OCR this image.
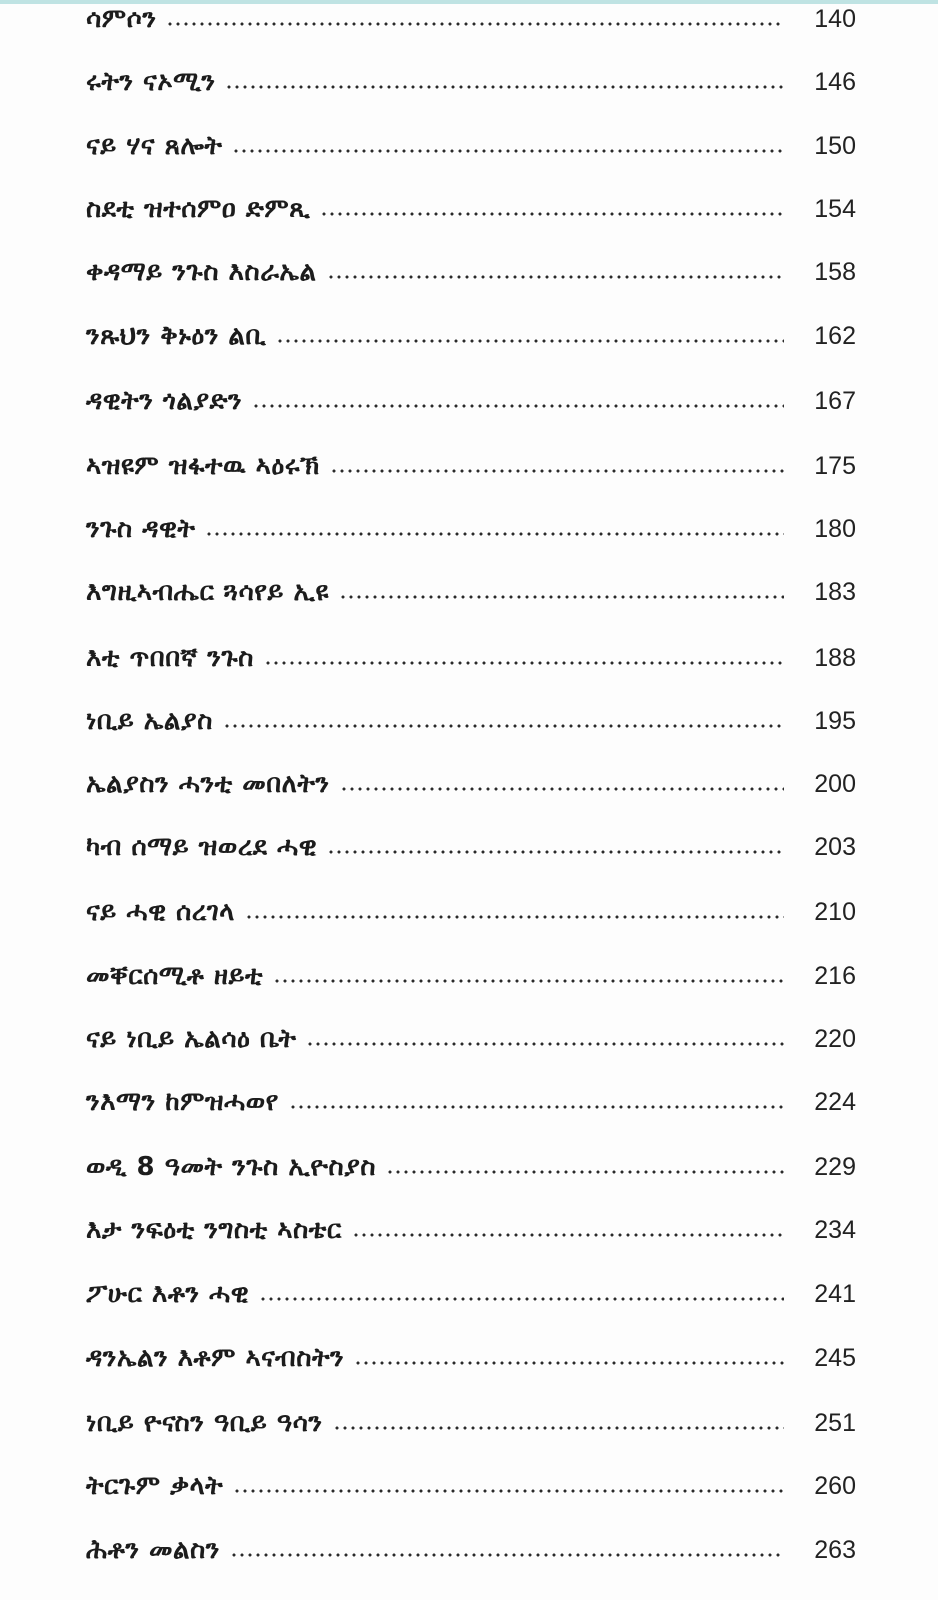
ሳምሶን	140
ሩትን ናኦሚን	146
ናይ ሃና ጸሎት	150
ስደቲ ዝተሰምዐ ድምጺ	154
ቀዳማይ ንጉስ እስራኤል	158
ንጹህን ቅኑዕን ልቢ	162
ዳዊትን ጎልያድን	167
ኣዝዩም ዝፋተዉ ኣዕሩኽ	175
ንጉስ ዳዊት	180
እግዚኣብሔር ጓሳየይ ኢዩ	183
እቲ ጥበበኛ ንጉስ	188
ነቢይ ኤልያስ	195
ኤልያስን ሓንቲ መበለትን	200
ካብ ሰማይ ዝወረደ ሓዊ	203
ናይ ሓዊ ሰረገላ	210
መቐርሰሚቶ ዘይቲ	216
ናይ ነቢይ ኤልሳዕ ቤት	220
ንእማን ከምዝሓወየ	224
ወዲ 8 ዓመት ንጉስ ኢዮስያስ	229
እታ ንፍዕቲ ንግስቲ ኣስቴር	234
ፖሁር እቶን ሓዊ	241
ዳንኤልን እቶም ኣናብስትን	245
ነቢይ ዮናስን ዓቢይ ዓሳን	251
ትርጉም ቃላት	260
ሕቶን መልስን	263
